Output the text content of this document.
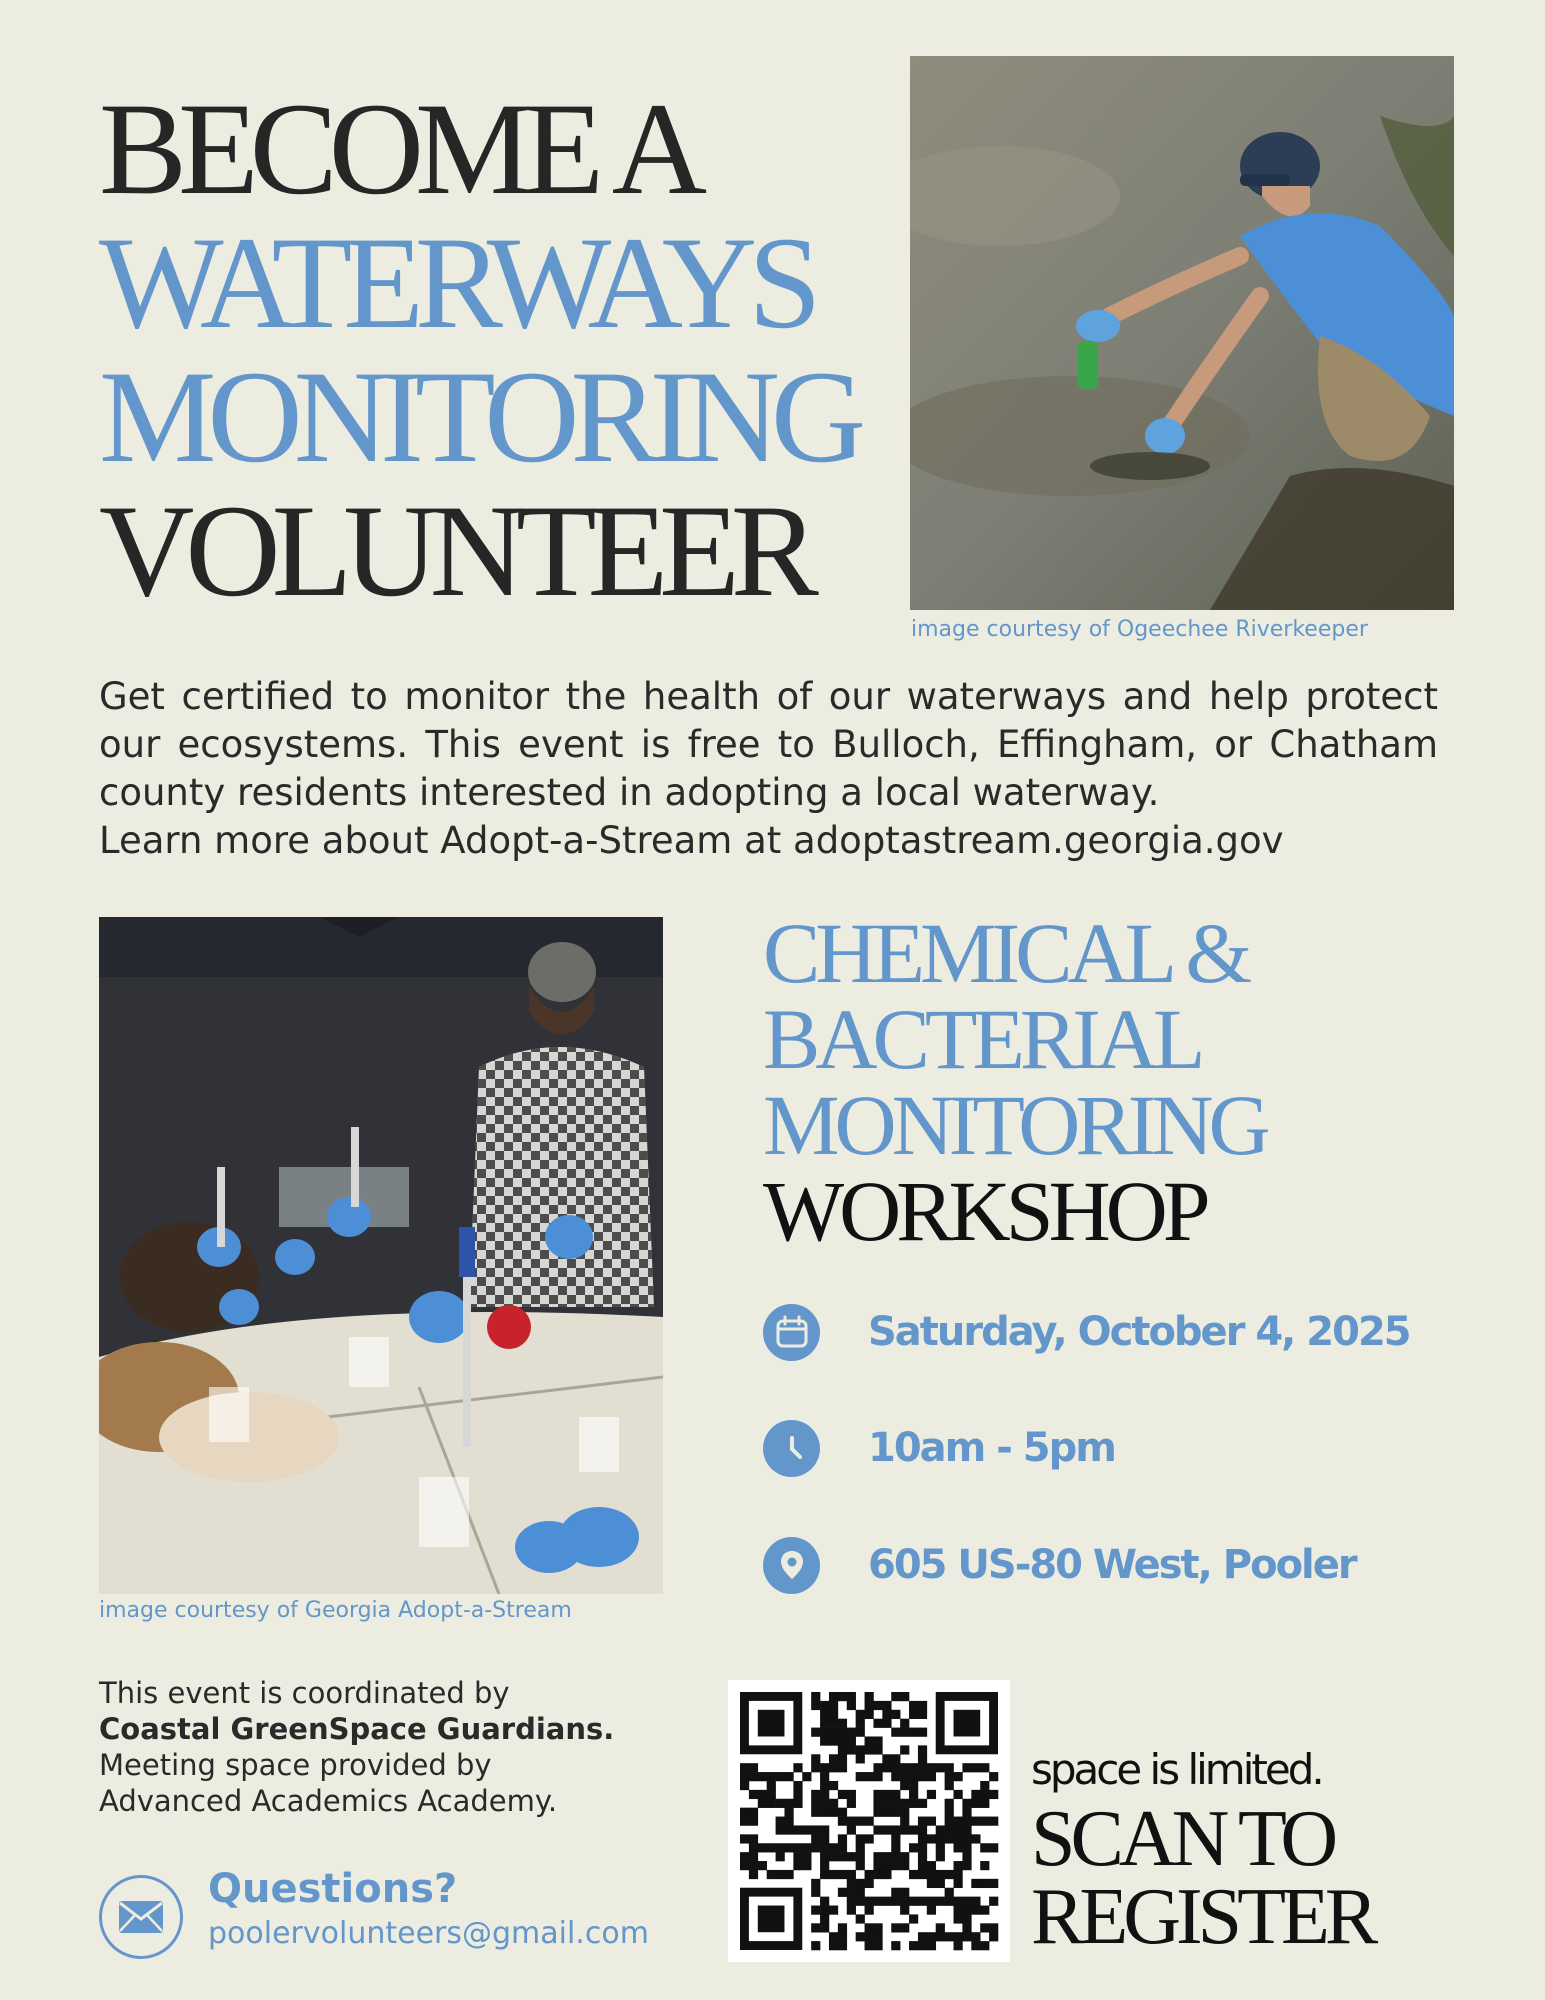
BECOME A
WATERWAYS
MONITORING
VOLUNTEER
image courtesy of Ogeechee Riverkeeper
Get certified to monitor the health of our waterways and help protect our ecosystems. This event is free to Bulloch, Effingham, or Chatham county residents interested in adopting a local waterway.
Learn more about Adopt-a-Stream at adoptastream.georgia.gov
image courtesy of Georgia Adopt-a-Stream
CHEMICAL &
BACTERIAL
MONITORING
WORKSHOP
Saturday, October 4, 2025
10am - 5pm
605 US-80 West, Pooler
This event is coordinated by
Coastal GreenSpace Guardians.
Meeting space provided by
Advanced Academics Academy.
Questions?
poolervolunteers@gmail.com
space is limited.
SCAN TO
REGISTER
